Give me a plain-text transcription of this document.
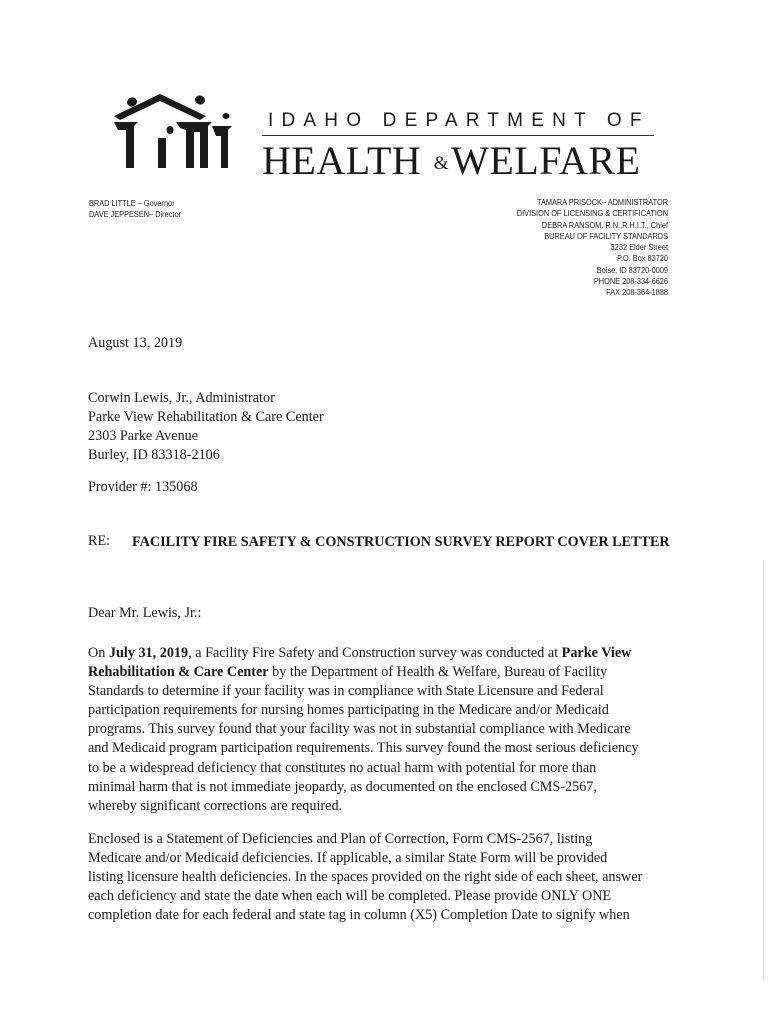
IDAHO DEPARTMENT OF
HEALTH &WELFARE
BRAD LITTLE – Governor
DAVE JEPPESEN– Director
TAMARA PRISOCK– ADMINISTRATOR
DIVISION OF LICENSING & CERTIFICATION
DEBRA RANSOM, R.N.,R.H.I.T., Chief
BUREAU OF FACILITY STANDARDS
3232 Elder Street
P.O. Box 83720
Boise, ID 83720-0009
PHONE 208-334-6626
FAX 208-364-1888
August 13, 2019
Corwin Lewis, Jr., Administrator
Parke View Rehabilitation & Care Center
2303 Parke Avenue
Burley, ID 83318-2106
Provider #: 135068
RE: FACILITY FIRE SAFETY & CONSTRUCTION SURVEY REPORT COVER LETTER
Dear Mr. Lewis, Jr.:
On July 31, 2019, a Facility Fire Safety and Construction survey was conducted at Parke View
Rehabilitation & Care Center by the Department of Health & Welfare, Bureau of Facility
Standards to determine if your facility was in compliance with State Licensure and Federal
participation requirements for nursing homes participating in the Medicare and/or Medicaid
programs. This survey found that your facility was not in substantial compliance with Medicare
and Medicaid program participation requirements. This survey found the most serious deficiency
to be a widespread deficiency that constitutes no actual harm with potential for more than
minimal harm that is not immediate jeopardy, as documented on the enclosed CMS-2567,
whereby significant corrections are required.
Enclosed is a Statement of Deficiencies and Plan of Correction, Form CMS-2567, listing
Medicare and/or Medicaid deficiencies. If applicable, a similar State Form will be provided
listing licensure health deficiencies. In the spaces provided on the right side of each sheet, answer
each deficiency and state the date when each will be completed. Please provide ONLY ONE
completion date for each federal and state tag in column (X5) Completion Date to signify when
